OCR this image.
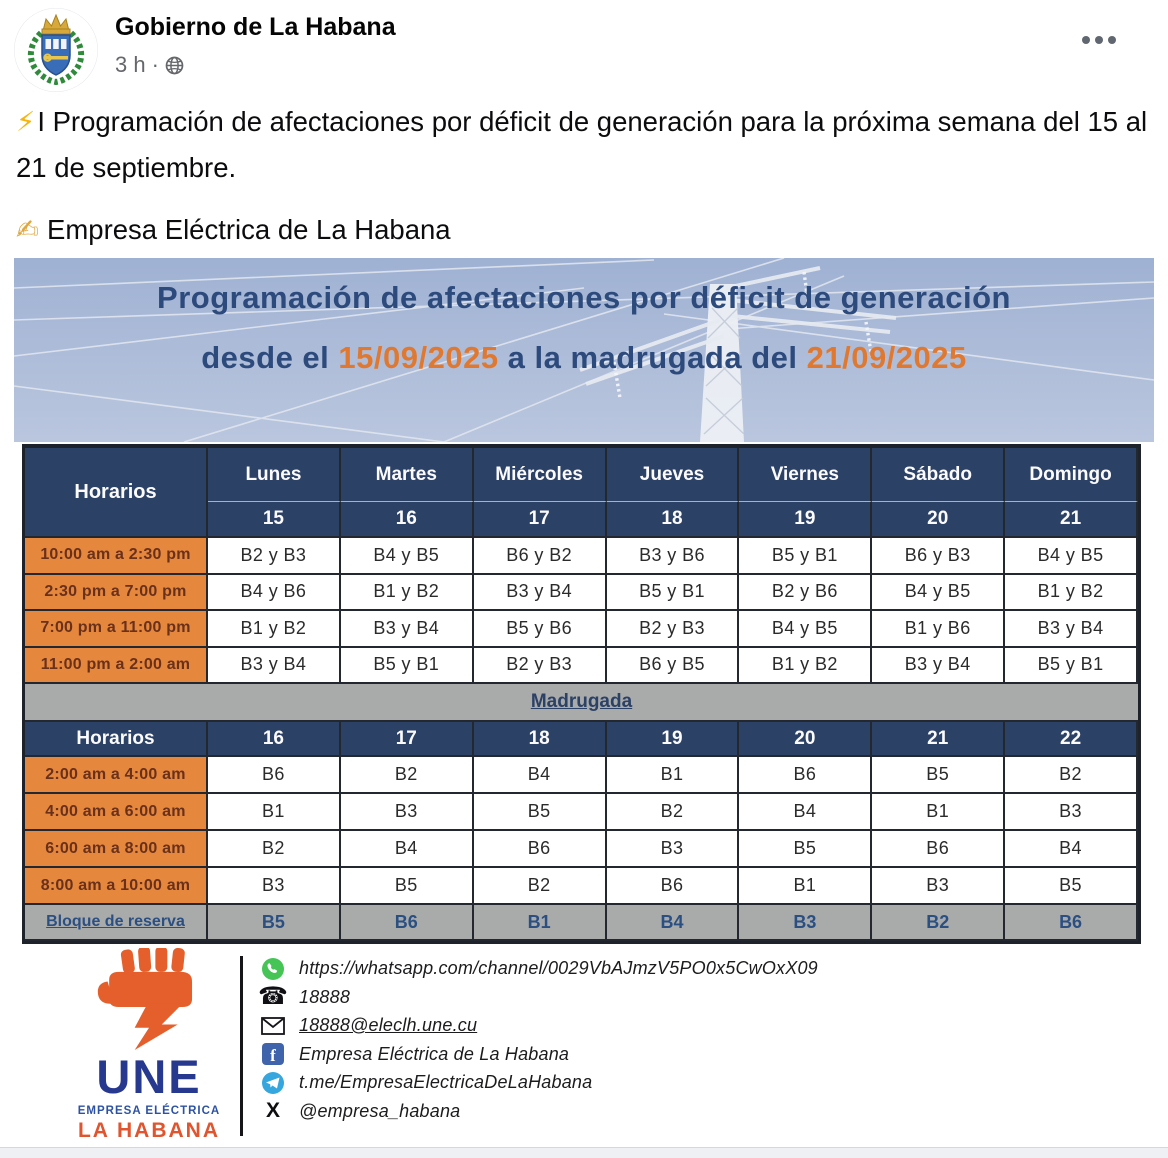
Gobierno de La Habana
3 h ·

⚡I Programación de afectaciones por déficit de generación para la próxima semana del 15 al 21 de septiembre.

✍ Empresa Eléctrica de La Habana

Programación de afectaciones por déficit de generación
desde el 15/09/2025 a la madrugada del 21/09/2025
Horarios
Lunes	Martes	Miércoles	Jueves	Viernes	Sábado	Domingo
15	16	17	18	19	20	21
10:00 am a 2:30 pm	B2 y B3	B4 y B5	B6 y B2	B3 y B6	B5 y B1	B6 y B3	B4 y B5
2:30 pm a 7:00 pm	B4 y B6	B1 y B2	B3 y B4	B5 y B1	B2 y B6	B4 y B5	B1 y B2
7:00 pm a 11:00 pm	B1 y B2	B3 y B4	B5 y B6	B2 y B3	B4 y B5	B1 y B6	B3 y B4
11:00 pm a 2:00 am	B3 y B4	B5 y B1	B2 y B3	B6 y B5	B1 y B2	B3 y B4	B5 y B1
Madrugada
Horarios	16	17	18	19	20	21	22
2:00 am a 4:00 am	B6	B2	B4	B1	B6	B5	B2
4:00 am a 6:00 am	B1	B3	B5	B2	B4	B1	B3
6:00 am a 8:00 am	B2	B4	B6	B3	B5	B6	B4
8:00 am a 10:00 am	B3	B5	B2	B6	B1	B3	B5
Bloque de reserva	B5	B6	B1	B4	B3	B2	B6
UNE
EMPRESA ELÉCTRICA
LA HABANA
https://whatsapp.com/channel/0029VbAJmzV5PO0x5CwOxX09
☎ 18888
18888@eleclh.une.cu
f Empresa Eléctrica de La Habana
t.me/EmpresaElectricaDeLaHabana
X	@empresa_habana
